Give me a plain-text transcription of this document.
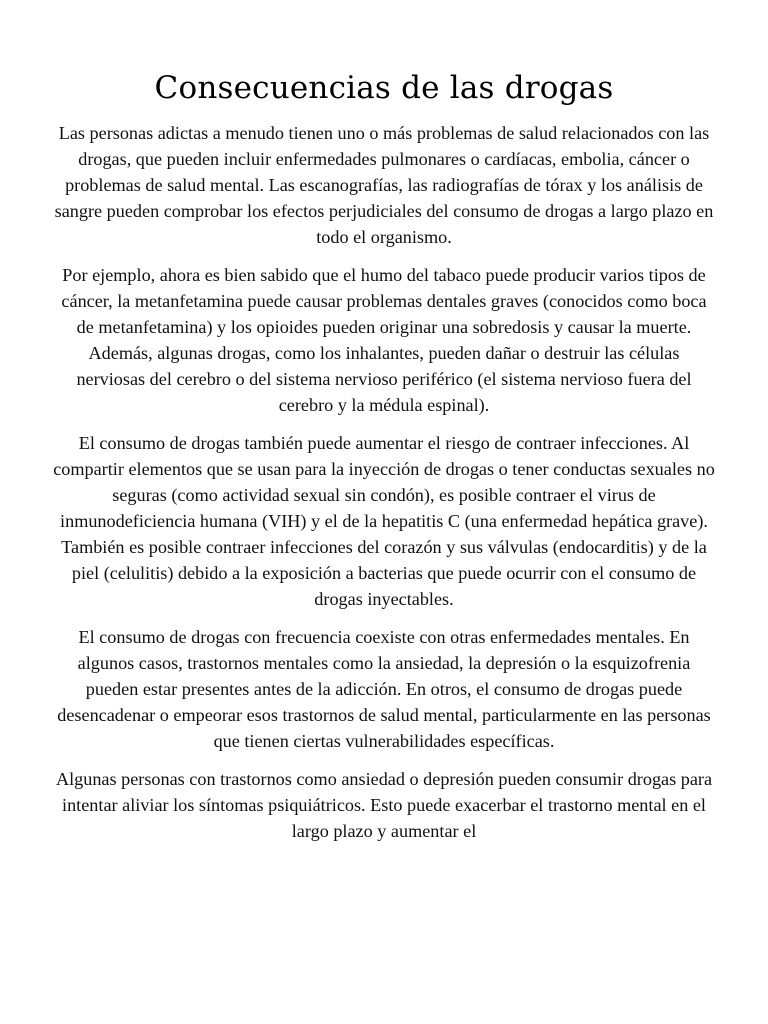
Consecuencias de las drogas

Las personas adictas a menudo tienen uno o más problemas de salud relacionados con las drogas, que pueden incluir enfermedades pulmonares o cardíacas, embolia, cáncer o problemas de salud mental. Las escanografías, las radiografías de tórax y los análisis de sangre pueden comprobar los efectos perjudiciales del consumo de drogas a largo plazo en todo el organismo.

Por ejemplo, ahora es bien sabido que el humo del tabaco puede producir varios tipos de cáncer, la metanfetamina puede causar problemas dentales graves (conocidos como boca de metanfetamina) y los opioides pueden originar una sobredosis y causar la muerte. Además, algunas drogas, como los inhalantes, pueden dañar o destruir las células nerviosas del cerebro o del sistema nervioso periférico (el sistema nervioso fuera del cerebro y la médula espinal).

El consumo de drogas también puede aumentar el riesgo de contraer infecciones. Al compartir elementos que se usan para la inyección de drogas o tener conductas sexuales no seguras (como actividad sexual sin condón), es posible contraer el virus de inmunodeficiencia humana (VIH) y el de la hepatitis C (una enfermedad hepática grave). También es posible contraer infecciones del corazón y sus válvulas (endocarditis) y de la piel (celulitis) debido a la exposición a bacterias que puede ocurrir con el consumo de drogas inyectables.

El consumo de drogas con frecuencia coexiste con otras enfermedades mentales. En algunos casos, trastornos mentales como la ansiedad, la depresión o la esquizofrenia pueden estar presentes antes de la adicción. En otros, el consumo de drogas puede desencadenar o empeorar esos trastornos de salud mental, particularmente en las personas que tienen ciertas vulnerabilidades específicas.

Algunas personas con trastornos como ansiedad o depresión pueden consumir drogas para intentar aliviar los síntomas psiquiátricos. Esto puede exacerbar el trastorno mental en el largo plazo y aumentar el
